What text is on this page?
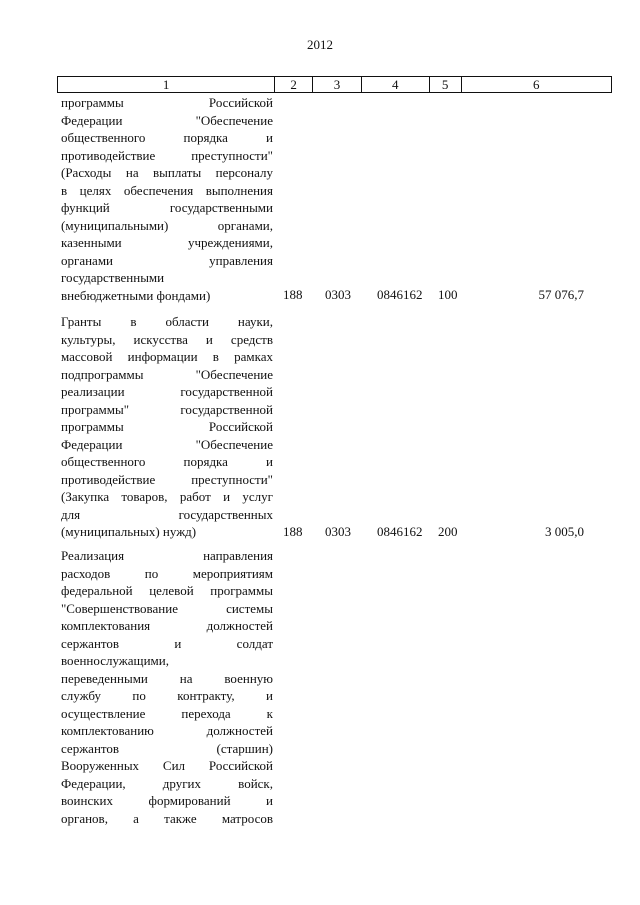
2012
1	2	3	4	5	6
программы Российской
Федерации "Обеспечение
общественного порядка и
противодействие преступности"
(Расходы на выплаты персоналу
в целях обеспечения выполнения
функций государственными
(муниципальными) органами,
казенными учреждениями,
органами управления
государственными
внебюджетными фондами)	188 0303 0846162 100	57 076,7
Гранты в области науки,
культуры, искусства и средств
массовой информации в рамках
подпрограммы "Обеспечение
реализации государственной
программы" государственной
программы Российской
Федерации "Обеспечение
общественного порядка и
противодействие преступности"
(Закупка товаров, работ и услуг
для государственных
(муниципальных) нужд)	188 0303 0846162 200	3 005,0
Реализация направления
расходов по мероприятиям
федеральной целевой программы
"Совершенствование системы
комплектования должностей
сержантов и солдат
военнослужащими,
переведенными на военную
службу по контракту, и
осуществление перехода к
комплектованию должностей
сержантов (старшин)
Вооруженных Сил Российской
Федерации, других войск,
воинских формирований и
органов, а также матросов
